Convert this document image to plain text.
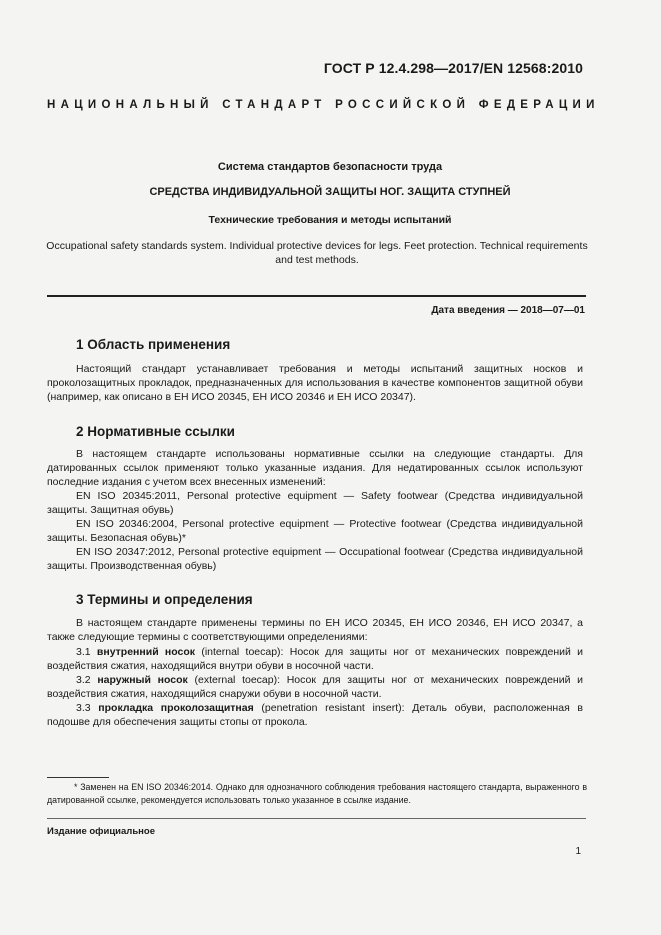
ГОСТ Р 12.4.298—2017/EN 12568:2010
НАЦИОНАЛЬНЫЙ СТАНДАРТ РОССИЙСКОЙ ФЕДЕРАЦИИ
Система стандартов безопасности труда
СРЕДСТВА ИНДИВИДУАЛЬНОЙ ЗАЩИТЫ НОГ. ЗАЩИТА СТУПНЕЙ
Технические требования и методы испытаний
Occupational safety standards system. Individual protective devices for legs. Feet protection. Technical requirements and test methods.
Дата введения — 2018—07—01
1 Область применения

Настоящий стандарт устанавливает требования и методы испытаний защитных носков и проколозащитных прокладок, предназначенных для использования в качестве компонентов защитной обуви (например, как описано в ЕН ИСО 20345, ЕН ИСО 20346 и ЕН ИСО 20347).

2 Нормативные ссылки

В настоящем стандарте использованы нормативные ссылки на следующие стандарты. Для датированных ссылок применяют только указанные издания. Для недатированных ссылок используют последние издания с учетом всех внесенных изменений:

EN ISO 20345:2011, Personal protective equipment — Safety footwear (Средства индивидуальной защиты. Защитная обувь)

EN ISO 20346:2004, Personal protective equipment — Protective footwear (Средства индивидуальной защиты. Безопасная обувь)*

EN ISO 20347:2012, Personal protective equipment — Occupational footwear (Средства индивидуальной защиты. Производственная обувь)

3 Термины и определения

В настоящем стандарте применены термины по ЕН ИСО 20345, ЕН ИСО 20346, ЕН ИСО 20347, а также следующие термины с соответствующими определениями:

3.1 внутренний носок (internal toecap): Носок для защиты ног от механических повреждений и воздействия сжатия, находящийся внутри обуви в носочной части.

3.2 наружный носок (external toecap): Носок для защиты ног от механических повреждений и воздействия сжатия, находящийся снаружи обуви в носочной части.

3.3 прокладка проколозащитная (penetration resistant insert): Деталь обуви, расположенная в подошве для обеспечения защиты стопы от прокола.

* Заменен на EN ISO 20346:2014. Однако для однозначного соблюдения требования настоящего стандарта, выраженного в датированной ссылке, рекомендуется использовать только указанное в ссылке издание.
Издание официальное
1
